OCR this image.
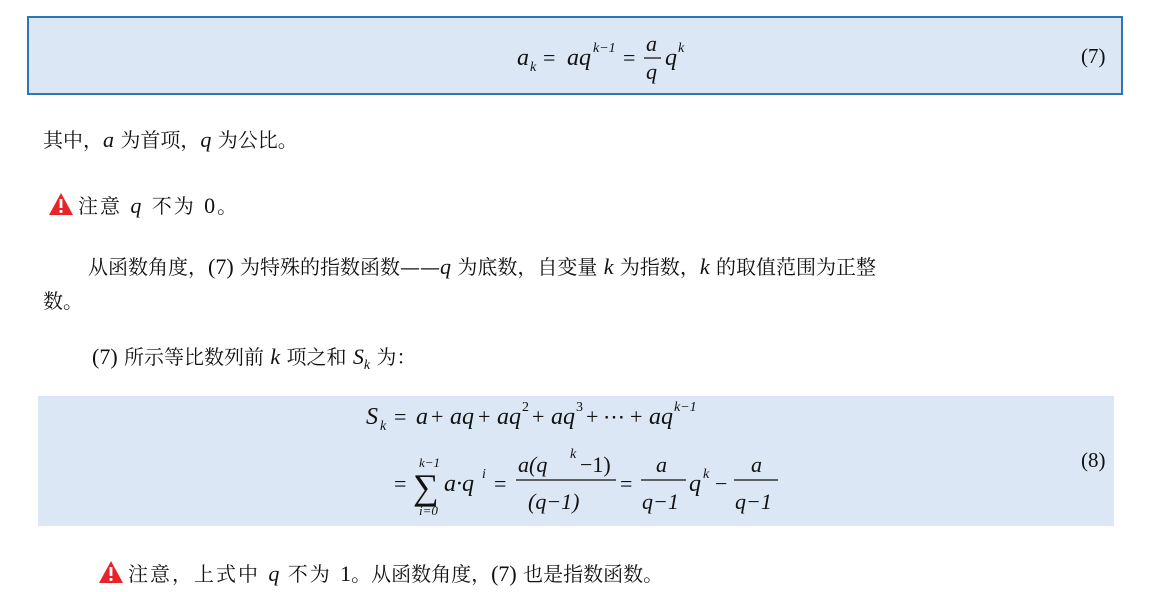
a k = aq k−1 =
a
q
q k	(7)
其中，a 为首项，q 为公比。
注意 q 不为 0。
从函数角度，(7) 为特殊的指数函数——q 为底数，自变量 k 为指数，k 的取值范围为正整
数。
(7) 所示等比数列前 k 项之和 $S_k$ 为：
S k = a + aq + aq 2 + aq 3 + ⋯ + aq k−1
=
k−1
∑
i=0
a·q i =
a(q k −1)
(q−1)
=
a
q−1
q k −
a
q−1
(8)
注意，上式中 q 不为 1。从函数角度，(7) 也是指数函数。
